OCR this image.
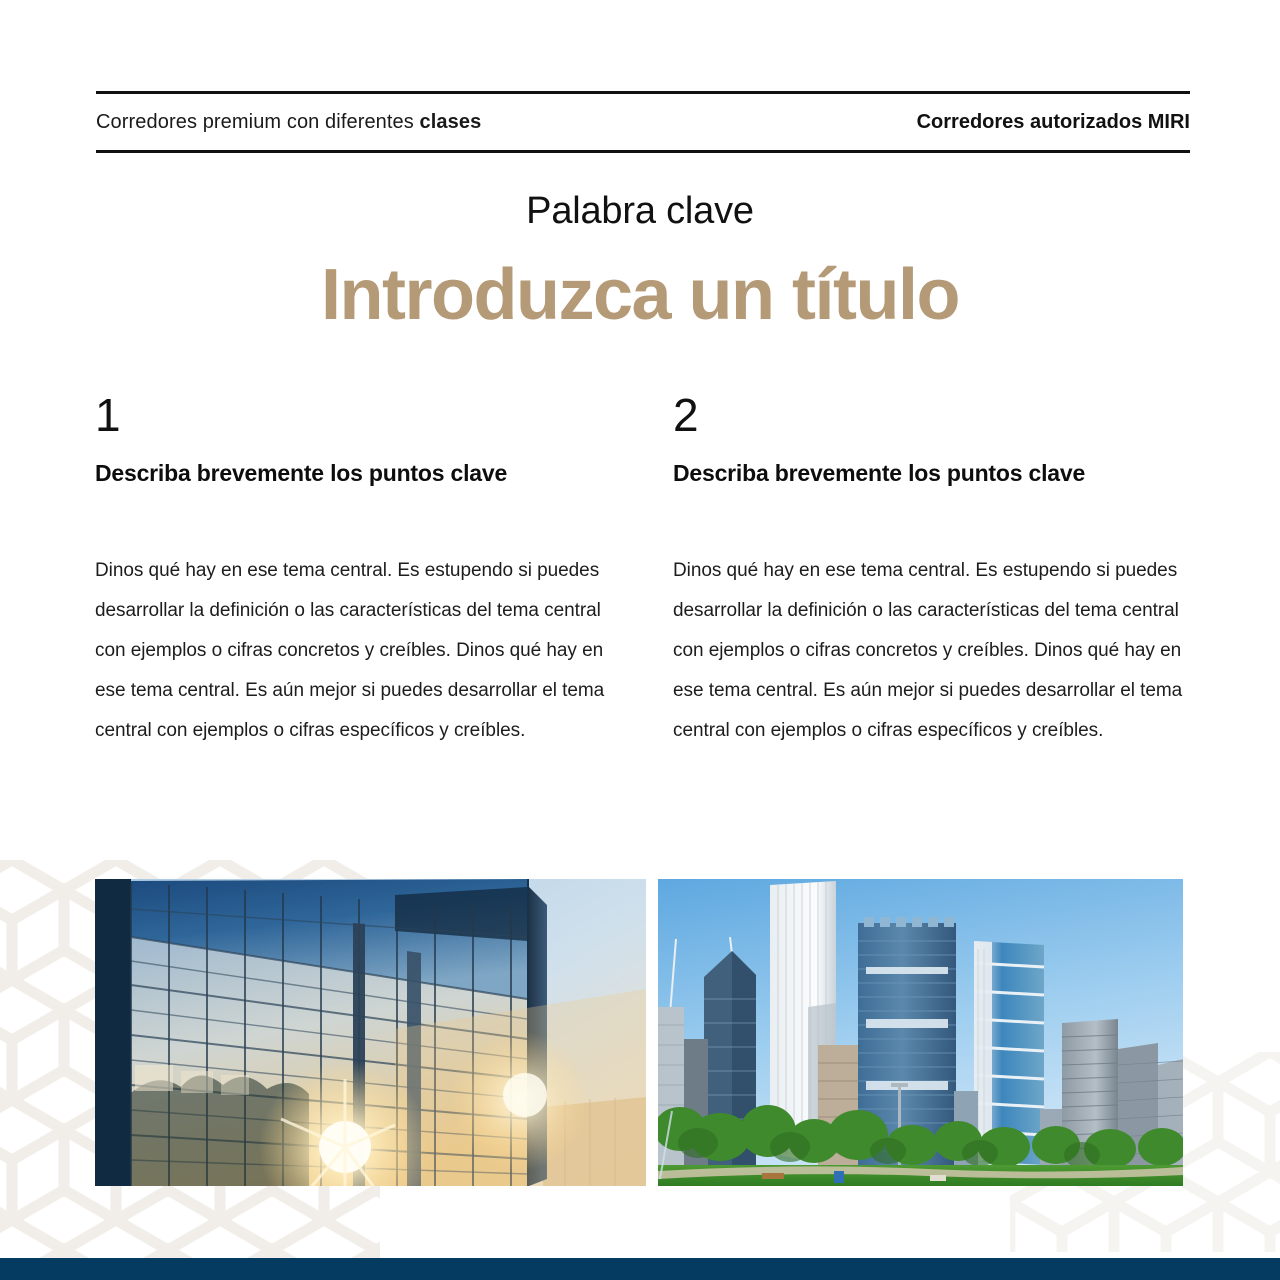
Corredores premium con diferentes clases	Corredores autorizados MIRI
Palabra clave
Introduzca un título
1
Describa brevemente los puntos clave

Dinos qué hay en ese tema central. Es estupendo si puedes desarrollar la definición o las características del tema central con ejemplos o cifras concretos y creíbles. Dinos qué hay en ese tema central. Es aún mejor si puedes desarrollar el tema central con ejemplos o cifras específicos y creíbles.

2
Describa brevemente los puntos clave

Dinos qué hay en ese tema central. Es estupendo si puedes desarrollar la definición o las características del tema central con ejemplos o cifras concretos y creíbles. Dinos qué hay en ese tema central. Es aún mejor si puedes desarrollar el tema central con ejemplos o cifras específicos y creíbles.
